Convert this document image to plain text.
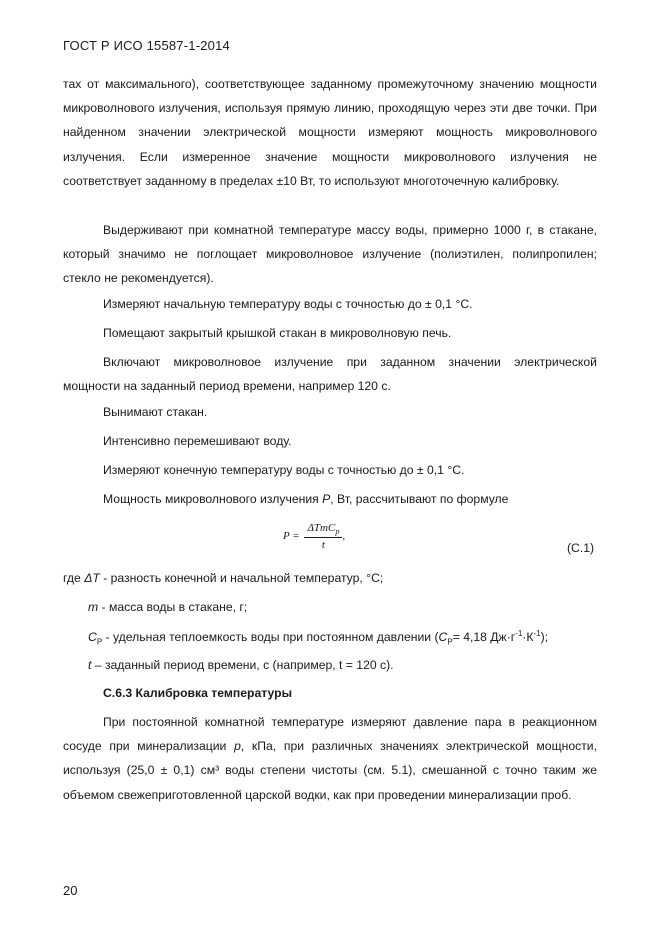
ГОСТ Р ИСО 15587-1-2014

тах от максимального), соответствующее заданному промежуточному значению мощности микроволнового излучения, используя прямую линию, проходящую через эти две точки. При найденном значении электрической мощности измеряют мощность микроволнового излучения. Если измеренное значение мощности микроволнового излучения не соответствует заданному в пределах ±10 Вт, то используют многоточечную калибровку.

Выдерживают при комнатной температуре массу воды, примерно 1000 г, в стакане, который значимо не поглощает микроволновое излучение (полиэтилен, полипропилен; стекло не рекомендуется).

Измеряют начальную температуру воды с точностью до ± 0,1 °С.
Помещают закрытый крышкой стакан в микроволновую печь.

Включают микроволновое излучение при заданном значении электрической мощности на заданный период времени, например 120 с.

Вынимают стакан.
Интенсивно перемешивают воду.
Измеряют конечную температуру воды с точностью до ± 0,1 °С.
Мощность микроволнового излучения P, Вт, рассчитывают по формуле
$P = \frac{\Delta TmC_p}{t}$ ,
(С.1)
где ΔT - разность конечной и начальной температур, °С;
m - масса воды в стакане, г;
$C_P$ - удельная теплоемкость воды при постоянном давлении ($C_P= 4,18$ $Дж\cdot г^{-1}\cdot К^{-1}$);
t – заданный период времени, с (например, t = 120 с).
С.6.3 Калибровка температуры

При постоянной комнатной температуре измеряют давление пара в реакционном сосуде при минерализации p, кПа, при различных значениях электрической мощности, используя (25,0 ± 0,1) см³ воды степени чистоты (см. 5.1), смешанной с точно таким же объемом свежеприготовленной царской водки, как при проведении минерализации проб.

20
